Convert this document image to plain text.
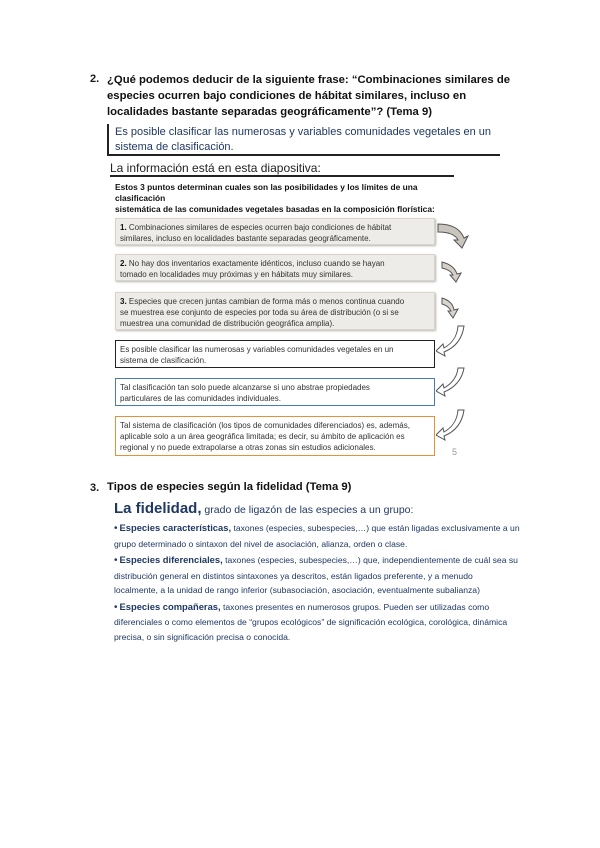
2. ¿Qué podemos deducir de la siguiente frase: “Combinaciones similares de
especies ocurren bajo condiciones de hábitat similares, incluso en
localidades bastante separadas geográficamente”? (Tema 9)
Es posible clasificar las numerosas y variables comunidades vegetales en un
sistema de clasificación.
La información está en esta diapositiva:
Estos 3 puntos determinan cuales son las posibilidades y los límites de una clasificación
sistemática de las comunidades vegetales basadas en la composición florística:
1. Combinaciones similares de especies ocurren bajo condiciones de hábitat
similares, incluso en localidades bastante separadas geográficamente.
2. No hay dos inventarios exactamente idénticos, incluso cuando se hayan
tomado en localidades muy próximas y en hábitats muy similares.
3. Especies que crecen juntas cambian de forma más o menos continua cuando
se muestrea ese conjunto de especies por toda su área de distribución (o si se
muestrea una comunidad de distribución geográfica amplia).
Es posible clasificar las numerosas y variables comunidades vegetales en un
sistema de clasificación.
Tal clasificación tan solo puede alcanzarse si uno abstrae propiedades
particulares de las comunidades individuales.
Tal sistema de clasificación (los tipos de comunidades diferenciados) es, además,
aplicable solo a un área geográfica limitada; es decir, su ámbito de aplicación es
regional y no puede extrapolarse a otras zonas sin estudios adicionales.	5
3. Tipos de especies según la fidelidad (Tema 9)
La fidelidad, grado de ligazón de las especies a un grupo:
• Especies características, taxones (especies, subespecies,…) que están ligadas exclusivamente a un
grupo determinado o sintaxon del nivel de asociación, alianza, orden o clase.
• Especies diferenciales, taxones (especies, subespecies,…) que, independientemente de cuál sea su
distribución general en distintos sintaxones ya descritos, están ligados preferente, y a menudo
localmente, a la unidad de rango inferior (subasociación, asociación, eventualmente subalianza)
• Especies compañeras, taxones presentes en numerosos grupos. Pueden ser utilizadas como
diferenciales o como elementos de “grupos ecológicos” de significación ecológica, corológica, dinámica
precisa, o sin significación precisa o conocida.
